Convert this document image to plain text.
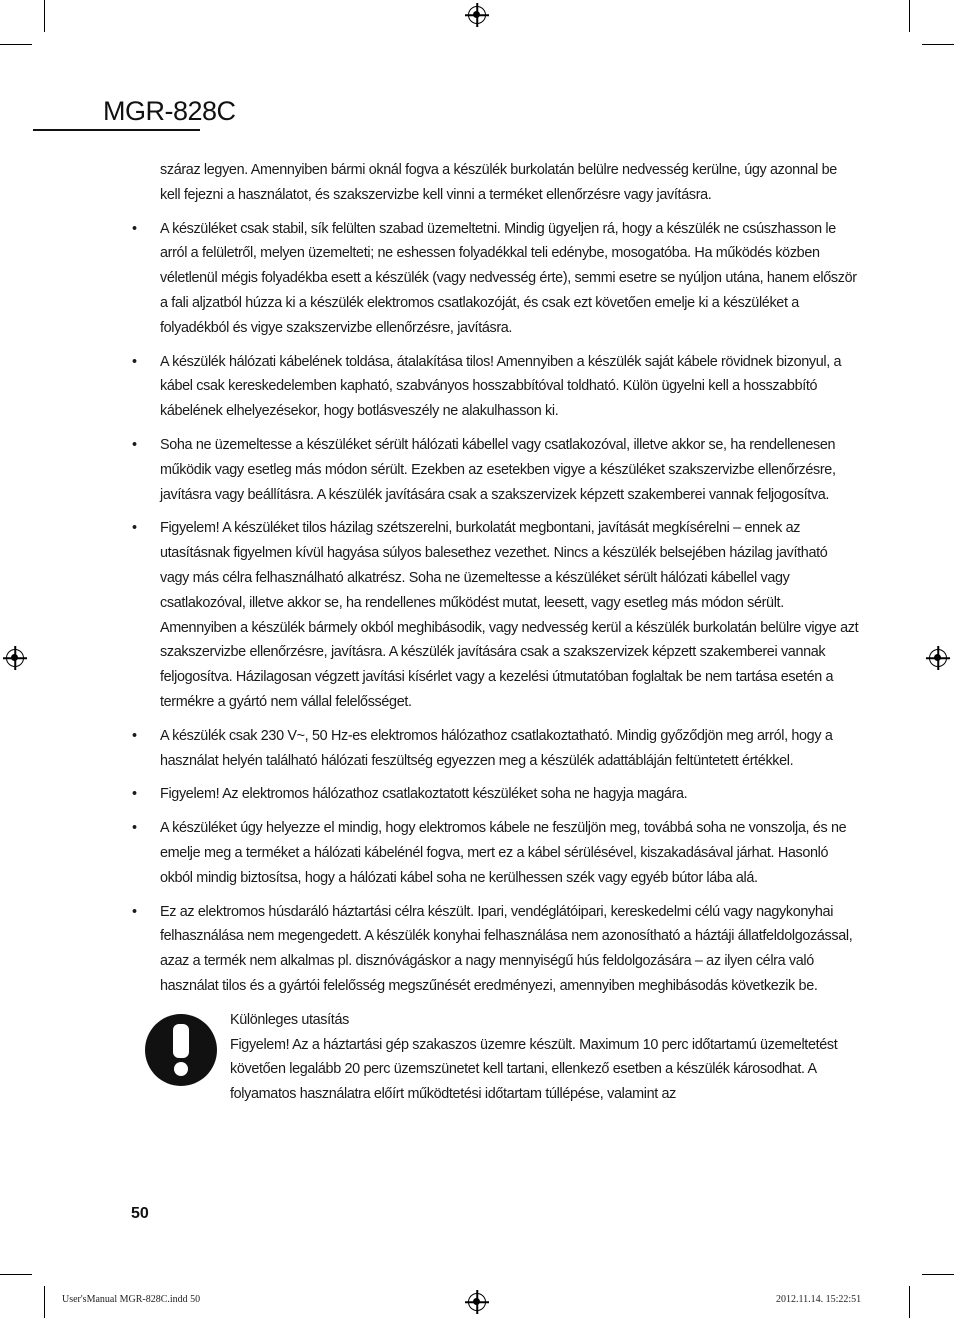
MGR-828C

száraz legyen. Amennyiben bármi oknál fogva a készülék burkolatán belülre nedvesség kerülne, úgy azonnal be kell fejezni a használatot, és szakszervizbe kell vinni a terméket ellenőrzésre vagy javításra.

• A készüléket csak stabil, sík felülten szabad üzemeltetni. Mindig ügyeljen rá, hogy a készülék ne csúszhasson le arról a felületről, melyen üzemelteti; ne eshessen folyadékkal teli edénybe, mosogatóba. Ha működés közben véletlenül mégis folyadékba esett a készülék (vagy nedvesség érte), semmi esetre se nyúljon utána, hanem először a fali aljzatból húzza ki a készülék elektromos csatlakozóját, és csak ezt követően emelje ki a készüléket a folyadékból és vigye szakszervizbe ellenőrzésre, javításra.

• A készülék hálózati kábelének toldása, átalakítása tilos! Amennyiben a készülék saját kábele rövidnek bizonyul, a kábel csak kereskedelemben kapható, szabványos hosszabbítóval toldható. Külön ügyelni kell a hosszabbító kábelének elhelyezésekor, hogy botlásveszély ne alakulhasson ki.

• Soha ne üzemeltesse a készüléket sérült hálózati kábellel vagy csatlakozóval, illetve akkor se, ha rendellenesen működik vagy esetleg más módon sérült. Ezekben az esetekben vigye a készüléket szakszervizbe ellenőrzésre, javításra vagy beállításra. A készülék javítására csak a szakszervizek képzett szakemberei vannak feljogosítva.

• Figyelem! A készüléket tilos házilag szétszerelni, burkolatát megbontani, javítását megkísérelni – ennek az utasításnak figyelmen kívül hagyása súlyos balesethez vezethet. Nincs a készülék belsejében házilag javítható vagy más célra felhasználható alkatrész. Soha ne üzemeltesse a készüléket sérült hálózati kábellel vagy csatlakozóval, illetve akkor se, ha rendellenes működést mutat, leesett, vagy esetleg más módon sérült. Amennyiben a készülék bármely okból meghibásodik, vagy nedvesség kerül a készülék burkolatán belülre vigye azt szakszervizbe ellenőrzésre, javításra. A készülék javítására csak a szakszervizek képzett szakemberei vannak feljogosítva. Házilagosan végzett javítási kísérlet vagy a kezelési útmutatóban foglaltak be nem tartása esetén a termékre a gyártó nem vállal felelősséget.

• A készülék csak 230 V~, 50 Hz-es elektromos hálózathoz csatlakoztatható. Mindig győződjön meg arról, hogy a használat helyén található hálózati feszültség egyezzen meg a készülék adattábláján feltüntetett értékkel.

• Figyelem! Az elektromos hálózathoz csatlakoztatott készüléket soha ne hagyja magára.

• A készüléket úgy helyezze el mindig, hogy elektromos kábele ne feszüljön meg, továbbá soha ne vonszolja, és ne emelje meg a terméket a hálózati kábelénél fogva, mert ez a kábel sérülésével, kiszakadásával járhat. Hasonló okból mindig biztosítsa, hogy a hálózati kábel soha ne kerülhessen szék vagy egyéb bútor lába alá.

• Ez az elektromos húsdaráló háztartási célra készült. Ipari, vendéglátóipari, kereskedelmi célú vagy nagykonyhai felhasználása nem megengedett. A készülék konyhai felhasználása nem azonosítható a háztáji állatfeldolgozással, azaz a termék nem alkalmas pl. disznóvágáskor a nagy mennyiségű hús feldolgozására – az ilyen célra való használat tilos és a gyártói felelősség megszűnését eredményezi, amennyiben meghibásodás következik be.

Különleges utasítás

Figyelem! Az a háztartási gép szakaszos üzemre készült. Maximum 10 perc időtartamú üzemeltetést követően legalább 20 perc üzemszünetet kell tartani, ellenkező esetben a készülék károsodhat. A folyamatos használatra előírt működtetési időtartam túllépése, valamint az

50
User'sManual MGR-828C.indd 50	2012.11.14. 15:22:51
